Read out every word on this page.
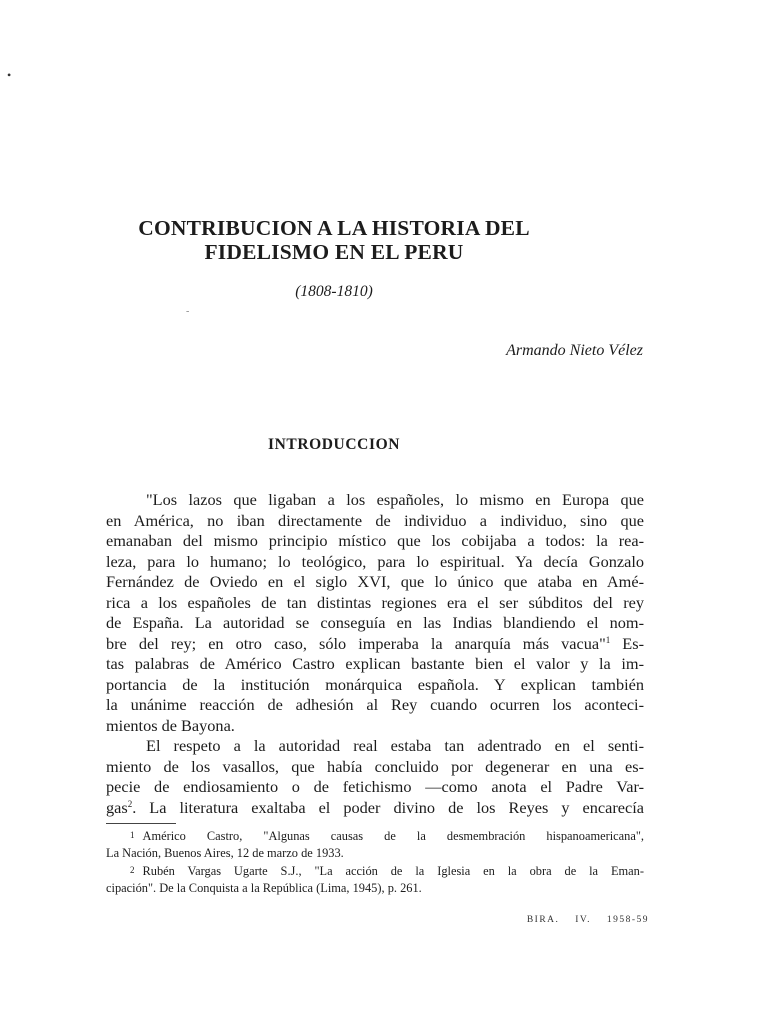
•
-
CONTRIBUCION A LA HISTORIA DEL
FIDELISMO EN EL PERU
(1808-1810)
Armando Nieto Vélez
INTRODUCCION
"Los lazos que ligaban a los españoles, lo mismo en Europa que
en América, no iban directamente de individuo a individuo, sino que
emanaban del mismo principio místico que los cobijaba a todos: la rea-
leza, para lo humano; lo teológico, para lo espiritual. Ya decía Gonzalo
Fernández de Oviedo en el siglo XVI, que lo único que ataba en Amé-
rica a los españoles de tan distintas regiones era el ser súbditos del rey
de España. La autoridad se conseguía en las Indias blandiendo el nom-
bre del rey; en otro caso, sólo imperaba la anarquía más vacua"$^1$ Es-
tas palabras de Américo Castro explican bastante bien el valor y la im-
portancia de la institución monárquica española. Y explican también
la unánime reacción de adhesión al Rey cuando ocurren los aconteci-
mientos de Bayona.
El respeto a la autoridad real estaba tan adentrado en el senti-
miento de los vasallos, que había concluido por degenerar en una es-
pecie de endiosamiento o de fetichismo —como anota el Padre Var-
gas$^2$. La literatura exaltaba el poder divino de los Reyes y encarecía
1 Américo Castro, "Algunas causas de la desmembración hispanoamericana",
La Nación, Buenos Aires, 12 de marzo de 1933.
2 Rubén Vargas Ugarte S.J., "La acción de la Iglesia en la obra de la Eman-
cipación". De la Conquista a la República (Lima, 1945), p. 261.
BIRA. IV. 1958-59
